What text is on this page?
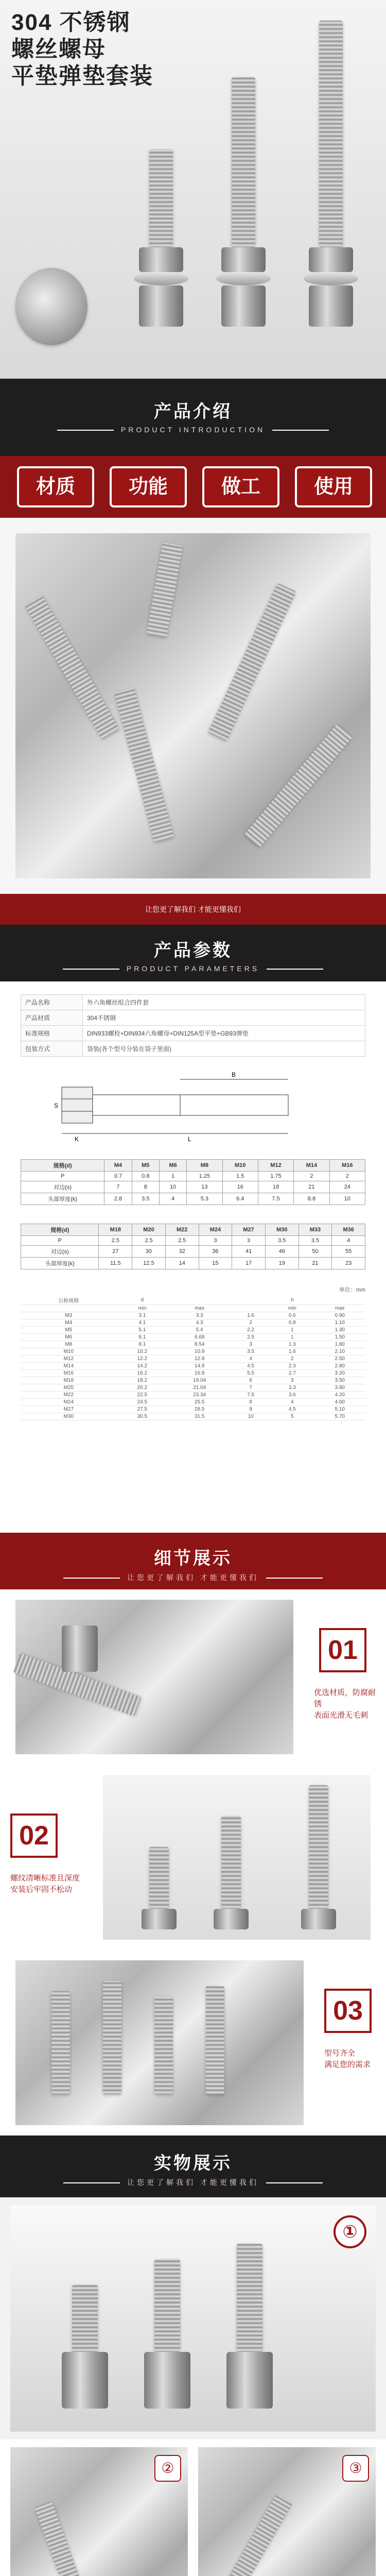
304 不锈钢
螺丝螺母
平垫弹垫套装
产品介绍
PRODUCT INTRODUCTION
材质	功能	做工	使用
让您更了解我们 才能更懂我们
产品参数
PRODUCT PARAMETERS
产品名称	外六角螺丝组合四件套
产品材质	304不锈钢
标准规格	DIN933螺栓+DIN934六角螺母+DIN125A型平垫+GB93弹垫
包装方式	袋装(各个型号分装在袋子里面)
S
K	L
B
规格(d)	M4	M5	M6	M8	M10	M12	M14	M16
P	0.7	0.8	1	1.25	1.5	1.75	2	2
对边(s)	7	8	10	13	16	18	21	24
头部厚度(k)	2.8	3.5	4	5.3	6.4	7.5	8.8	10
规格(d)	M18	M20	M22	M24	M27	M30	M33	M36
P	2.5	2.5	2.5	3	3	3.5	3.5	4
对边(s)	27	30	32	36	41	46	50	55
头部厚度(k)	11.5	12.5	14	15	17	19	21	23
单位：mm
公称规格	d			h	
	min	max		min	max
M3	3.1	3.3	1.6	0.6	0.90
M4	4.1	4.3	2	0.8	1.10
M5	5.1	5.4	2.2	1	1.30
M6	6.1	6.68	2.5	1	1.50
M8	8.1	8.54	3	1.3	1.80
M10	10.2	10.9	3.5	1.6	2.10
M12	12.2	12.9	4	2	2.50
M14	14.2	14.9	4.5	2.3	2.80
M16	16.2	16.9	5.5	2.7	3.20
M18	18.2	19.04	6	3	3.50
M20	20.2	21.04	7	3.3	3.80
M22	22.5	23.34	7.5	3.6	4.20
M24	24.5	25.5	8	4	4.60
M27	27.5	28.5	9	4.5	5.10
M30	30.5	31.5	10	5	5.70
细节展示
让您更了解我们 才能更懂我们
01
优选材质，防腐耐锈
表面光滑无毛刺
02
螺纹清晰标准且深度
安装后牢固不松动
03
型号齐全
满足您的需求
实物展示
让您更了解我们 才能更懂我们
①
②	③
